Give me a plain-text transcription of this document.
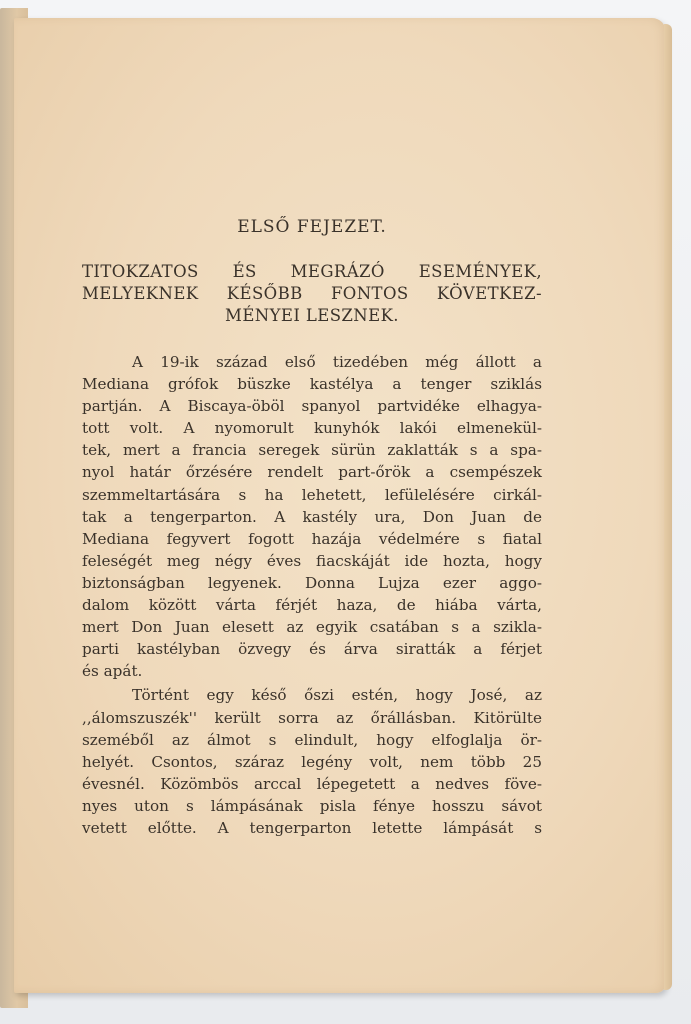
ELSŐ FEJEZET.
TITOKZATOS ÉS MEGRÁZÓ ESEMÉNYEK,
MELYEKNEK KÉSŐBB FONTOS KÖVETKEZ-
MÉNYEI LESZNEK.
A 19-ik század első tizedében még állott a
Mediana grófok büszke kastélya a tenger sziklás
partján. A Biscaya-öböl spanyol partvidéke elhagya-
tott volt. A nyomorult kunyhók lakói elmenekül-
tek, mert a francia seregek sürün zaklatták s a spa-
nyol határ őrzésére rendelt part-őrök a csempészek
szemmeltartására s ha lehetett, lefülelésére cirkál-
tak a tengerparton. A kastély ura, Don Juan de
Mediana fegyvert fogott hazája védelmére s fiatal
feleségét meg négy éves fiacskáját ide hozta, hogy
biztonságban legyenek. Donna Lujza ezer aggo-
dalom között várta férjét haza, de hiába várta,
mert Don Juan elesett az egyik csatában s a szikla-
parti kastélyban özvegy és árva siratták a férjet
és apát.
Történt egy késő őszi estén, hogy José, az
,,álomszuszék'' került sorra az őrállásban. Kitörülte
szeméből az álmot s elindult, hogy elfoglalja ör-
helyét. Csontos, száraz legény volt, nem több 25
évesnél. Közömbös arccal lépegetett a nedves föve-
nyes uton s lámpásának pisla fénye hosszu sávot
vetett előtte. A tengerparton letette lámpását s
